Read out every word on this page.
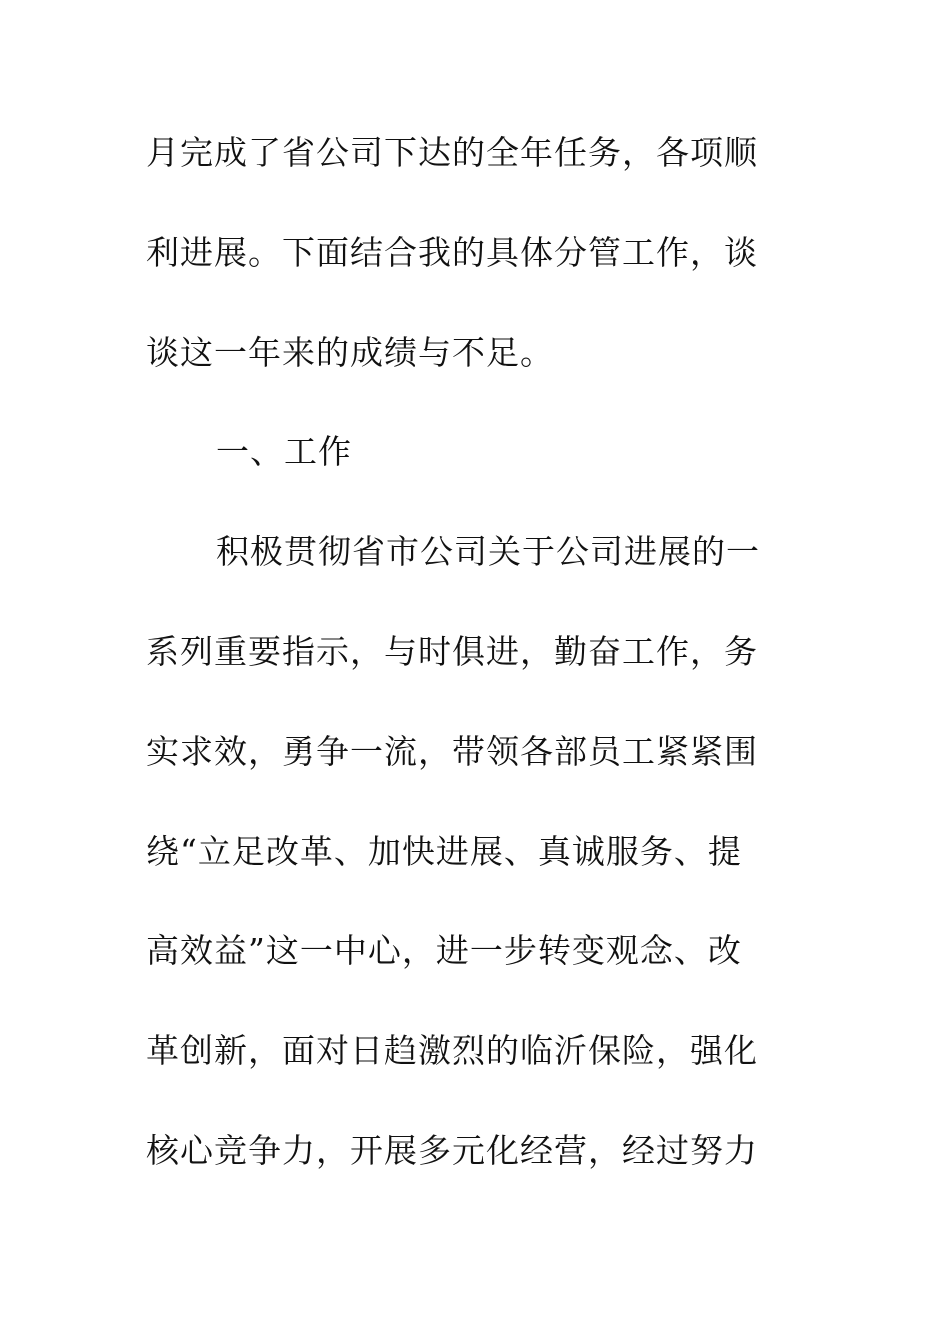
月完成了省公司下达的全年任务，各项顺
利进展。下面结合我的具体分管工作，谈
谈这一年来的成绩与不足。
一、工作
积极贯彻省市公司关于公司进展的一
系列重要指示，与时俱进，勤奋工作，务
实求效，勇争一流，带领各部员工紧紧围
绕“立足改革、加快进展、真诚服务、提
高效益”这一中心，进一步转变观念、改
革创新，面对日趋激烈的临沂保险，强化
核心竞争力，开展多元化经营，经过努力
